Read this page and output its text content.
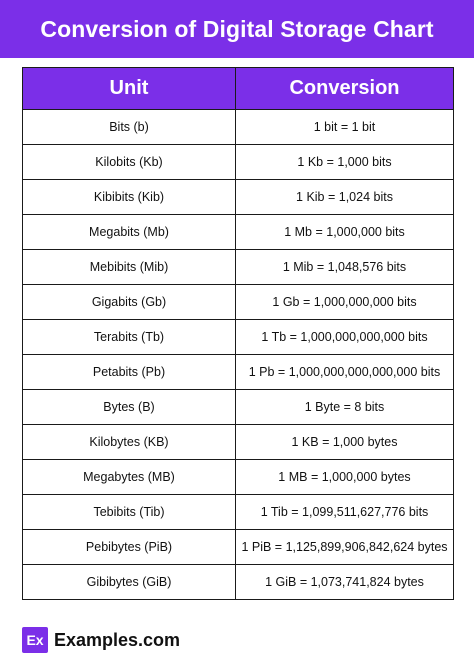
Conversion of Digital Storage Chart
Unit	Conversion
Bits (b)	1 bit = 1 bit
Kilobits (Kb)	1 Kb = 1,000 bits
Kibibits (Kib)	1 Kib = 1,024 bits
Megabits (Mb)	1 Mb = 1,000,000 bits
Mebibits (Mib)	1 Mib = 1,048,576 bits
Gigabits (Gb)	1 Gb = 1,000,000,000 bits
Terabits (Tb)	1 Tb = 1,000,000,000,000 bits
Petabits (Pb)	1 Pb = 1,000,000,000,000,000 bits
Bytes (B)	1 Byte = 8 bits
Kilobytes (KB)	1 KB = 1,000 bytes
Megabytes (MB)	1 MB = 1,000,000 bytes
Tebibits (Tib)	1 Tib = 1,099,511,627,776 bits
Pebibytes (PiB)	1 PiB = 1,125,899,906,842,624 bytes
Gibibytes (GiB)	1 GiB = 1,073,741,824 bytes
Ex Examples.com
